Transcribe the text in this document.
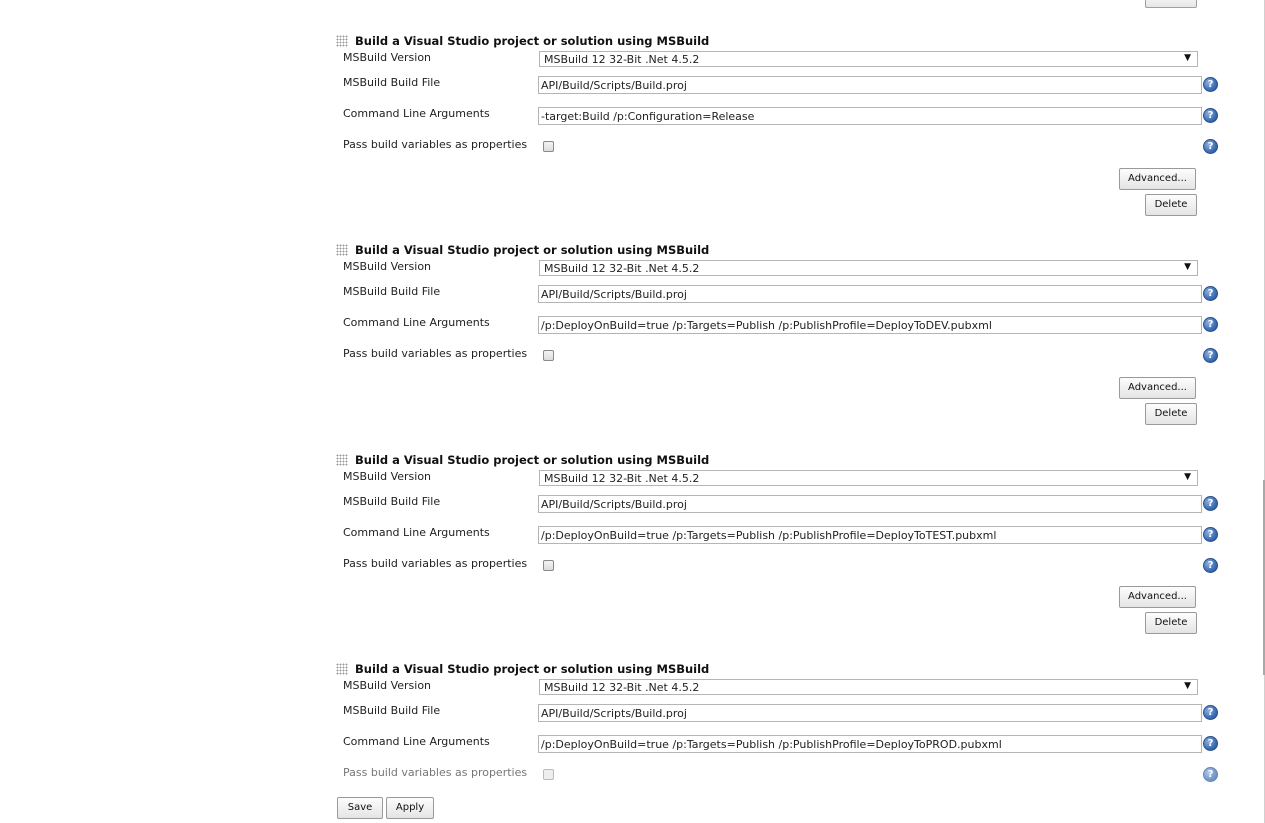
Build a Visual Studio project or solution using MSBuild
MSBuild Version	MSBuild 12 32-Bit .Net 4.5.2	▼
MSBuild Build File	API/Build/Scripts/Build.proj	?
Command Line Arguments	-target:Build /p:Configuration=Release	?
Pass build variables as properties	?
Advanced...
Delete
Build a Visual Studio project or solution using MSBuild
MSBuild Version	MSBuild 12 32-Bit .Net 4.5.2	▼
MSBuild Build File	API/Build/Scripts/Build.proj	?
Command Line Arguments	/p:DeployOnBuild=true /p:Targets=Publish /p:PublishProfile=DeployToDEV.pubxml	?
Pass build variables as properties	?
Advanced...
Delete
Build a Visual Studio project or solution using MSBuild
MSBuild Version	MSBuild 12 32-Bit .Net 4.5.2	▼
MSBuild Build File	API/Build/Scripts/Build.proj	?
Command Line Arguments	/p:DeployOnBuild=true /p:Targets=Publish /p:PublishProfile=DeployToTEST.pubxml	?
Pass build variables as properties	?
Advanced...
Delete
Build a Visual Studio project or solution using MSBuild
MSBuild Version	MSBuild 12 32-Bit .Net 4.5.2	▼
MSBuild Build File	API/Build/Scripts/Build.proj	?
Command Line Arguments	/p:DeployOnBuild=true /p:Targets=Publish /p:PublishProfile=DeployToPROD.pubxml	?
Pass build variables as properties	?
Save	Apply
